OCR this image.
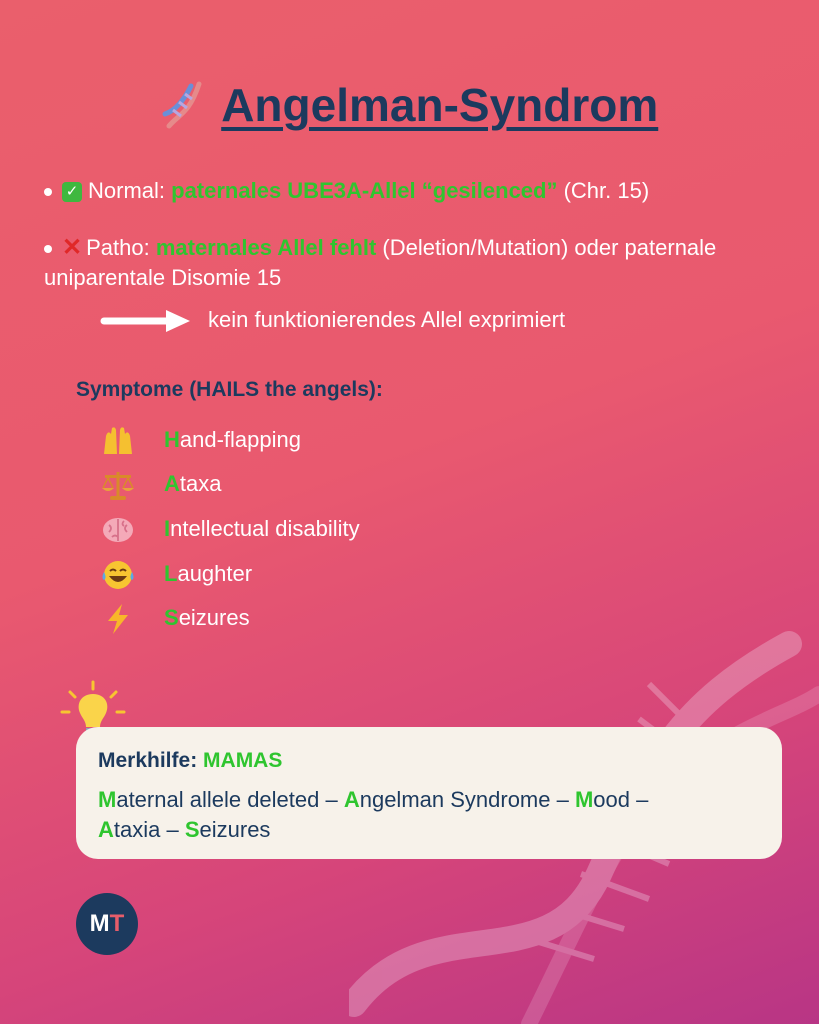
Angelman-Syndrom
✓ Normal: paternales UBE3A-Allel “gesilenced” (Chr. 15)
✕ Patho: maternales Allel fehlt (Deletion/Mutation) oder paternale uniparentale Disomie 15
kein funktionierendes Allel exprimiert
Symptome (HAILS the angels):
Hand-flapping
Ataxa
Intellectual disability
Laughter
Seizures
Merkhilfe: MAMAS
Maternal allele deleted – Angelman Syndrome – Mood – Ataxia – Seizures
MT
